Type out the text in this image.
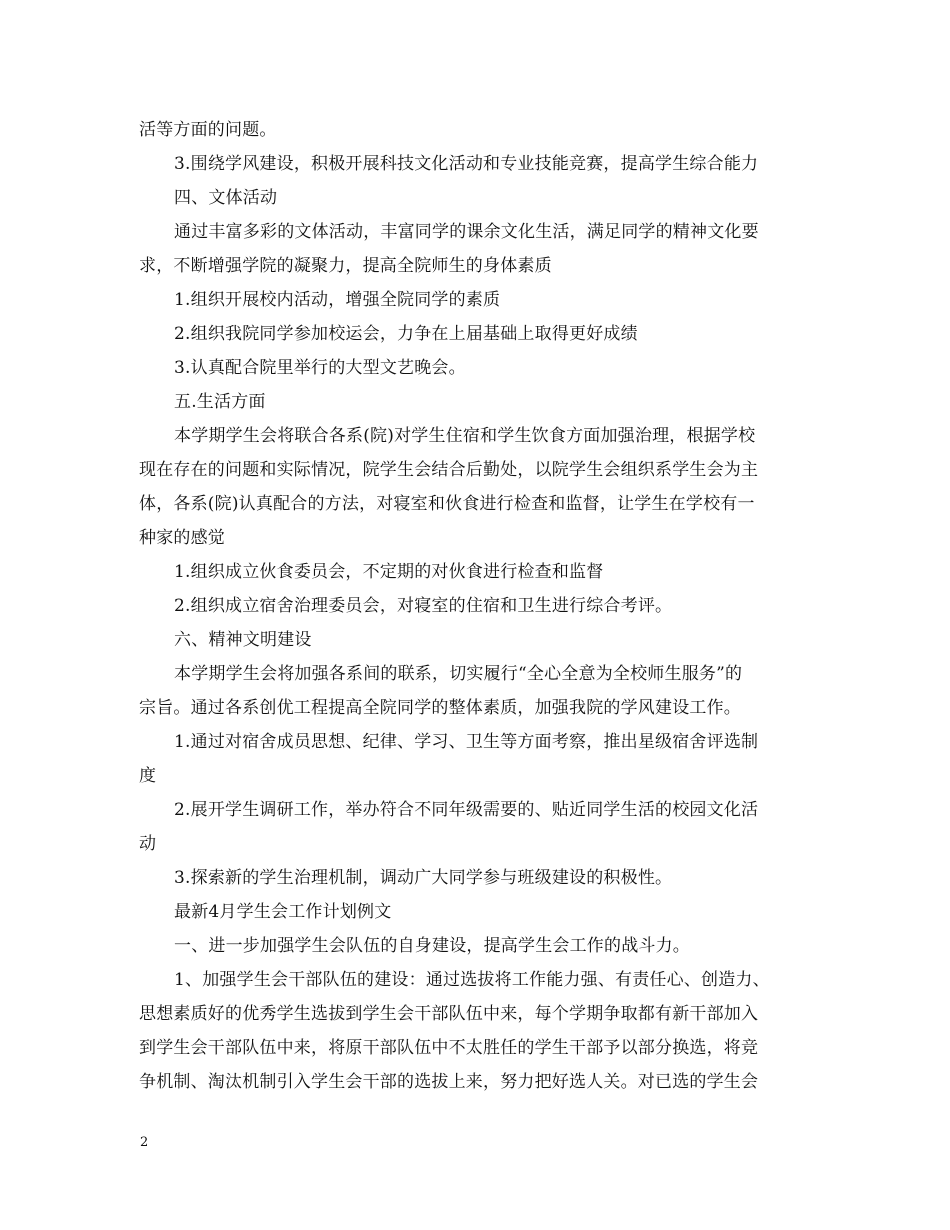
活等方面的问题。
3.围绕学风建设，积极开展科技文化活动和专业技能竞赛，提高学生综合能力
四、文体活动
通过丰富多彩的文体活动，丰富同学的课余文化生活，满足同学的精神文化要
求，不断增强学院的凝聚力，提高全院师生的身体素质
1.组织开展校内活动，增强全院同学的素质
2.组织我院同学参加校运会，力争在上届基础上取得更好成绩
3.认真配合院里举行的大型文艺晚会。
五.生活方面
本学期学生会将联合各系(院)对学生住宿和学生饮食方面加强治理，根据学校
现在存在的问题和实际情况，院学生会结合后勤处，以院学生会组织系学生会为主
体，各系(院)认真配合的方法，对寝室和伙食进行检查和监督，让学生在学校有一
种家的感觉
1.组织成立伙食委员会，不定期的对伙食进行检查和监督
2.组织成立宿舍治理委员会，对寝室的住宿和卫生进行综合考评。
六、精神文明建设
本学期学生会将加强各系间的联系，切实履行“全心全意为全校师生服务”的
宗旨。通过各系创优工程提高全院同学的整体素质，加强我院的学风建设工作。
1.通过对宿舍成员思想、纪律、学习、卫生等方面考察，推出星级宿舍评选制
度
2.展开学生调研工作，举办符合不同年级需要的、贴近同学生活的校园文化活
动
3.探索新的学生治理机制，调动广大同学参与班级建设的积极性。
最新4月学生会工作计划例文
一、进一步加强学生会队伍的自身建设，提高学生会工作的战斗力。
1、加强学生会干部队伍的建设：通过选拔将工作能力强、有责任心、创造力、
思想素质好的优秀学生选拔到学生会干部队伍中来，每个学期争取都有新干部加入
到学生会干部队伍中来，将原干部队伍中不太胜任的学生干部予以部分换选，将竞
争机制、淘汰机制引入学生会干部的选拔上来，努力把好选人关。对已选的学生会
2
